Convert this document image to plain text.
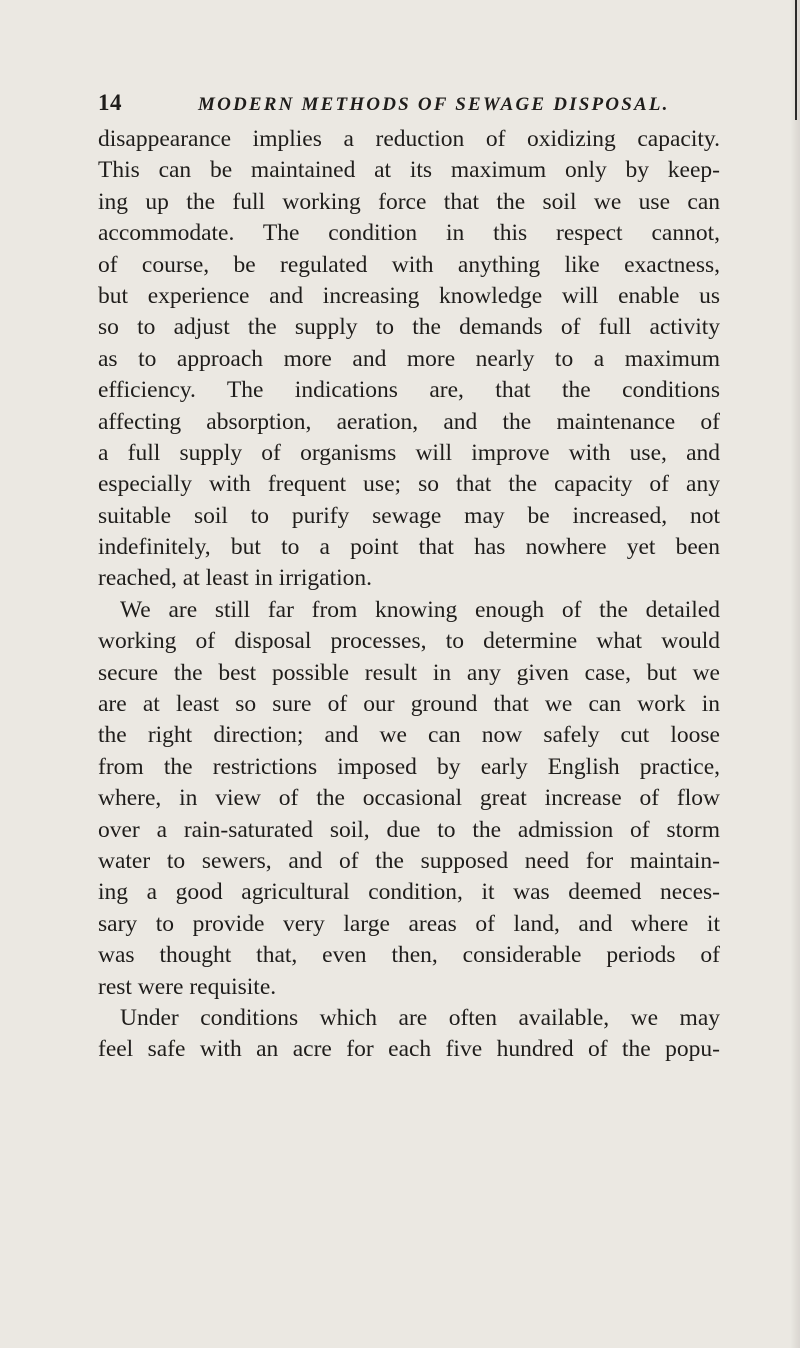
14	MODERN METHODS OF SEWAGE DISPOSAL.
disappearance implies a reduction of oxidizing capacity.
This can be maintained at its maximum only by keep-
ing up the full working force that the soil we use can
accommodate. The condition in this respect cannot,
of course, be regulated with anything like exactness,
but experience and increasing knowledge will enable us
so to adjust the supply to the demands of full activity
as to approach more and more nearly to a maximum
efficiency. The indications are, that the conditions
affecting absorption, aeration, and the maintenance of
a full supply of organisms will improve with use, and
especially with frequent use; so that the capacity of any
suitable soil to purify sewage may be increased, not
indefinitely, but to a point that has nowhere yet been
reached, at least in irrigation.
We are still far from knowing enough of the detailed
working of disposal processes, to determine what would
secure the best possible result in any given case, but we
are at least so sure of our ground that we can work in
the right direction; and we can now safely cut loose
from the restrictions imposed by early English practice,
where, in view of the occasional great increase of flow
over a rain-saturated soil, due to the admission of storm
water to sewers, and of the supposed need for maintain-
ing a good agricultural condition, it was deemed neces-
sary to provide very large areas of land, and where it
was thought that, even then, considerable periods of
rest were requisite.
Under conditions which are often available, we may
feel safe with an acre for each five hundred of the popu-
